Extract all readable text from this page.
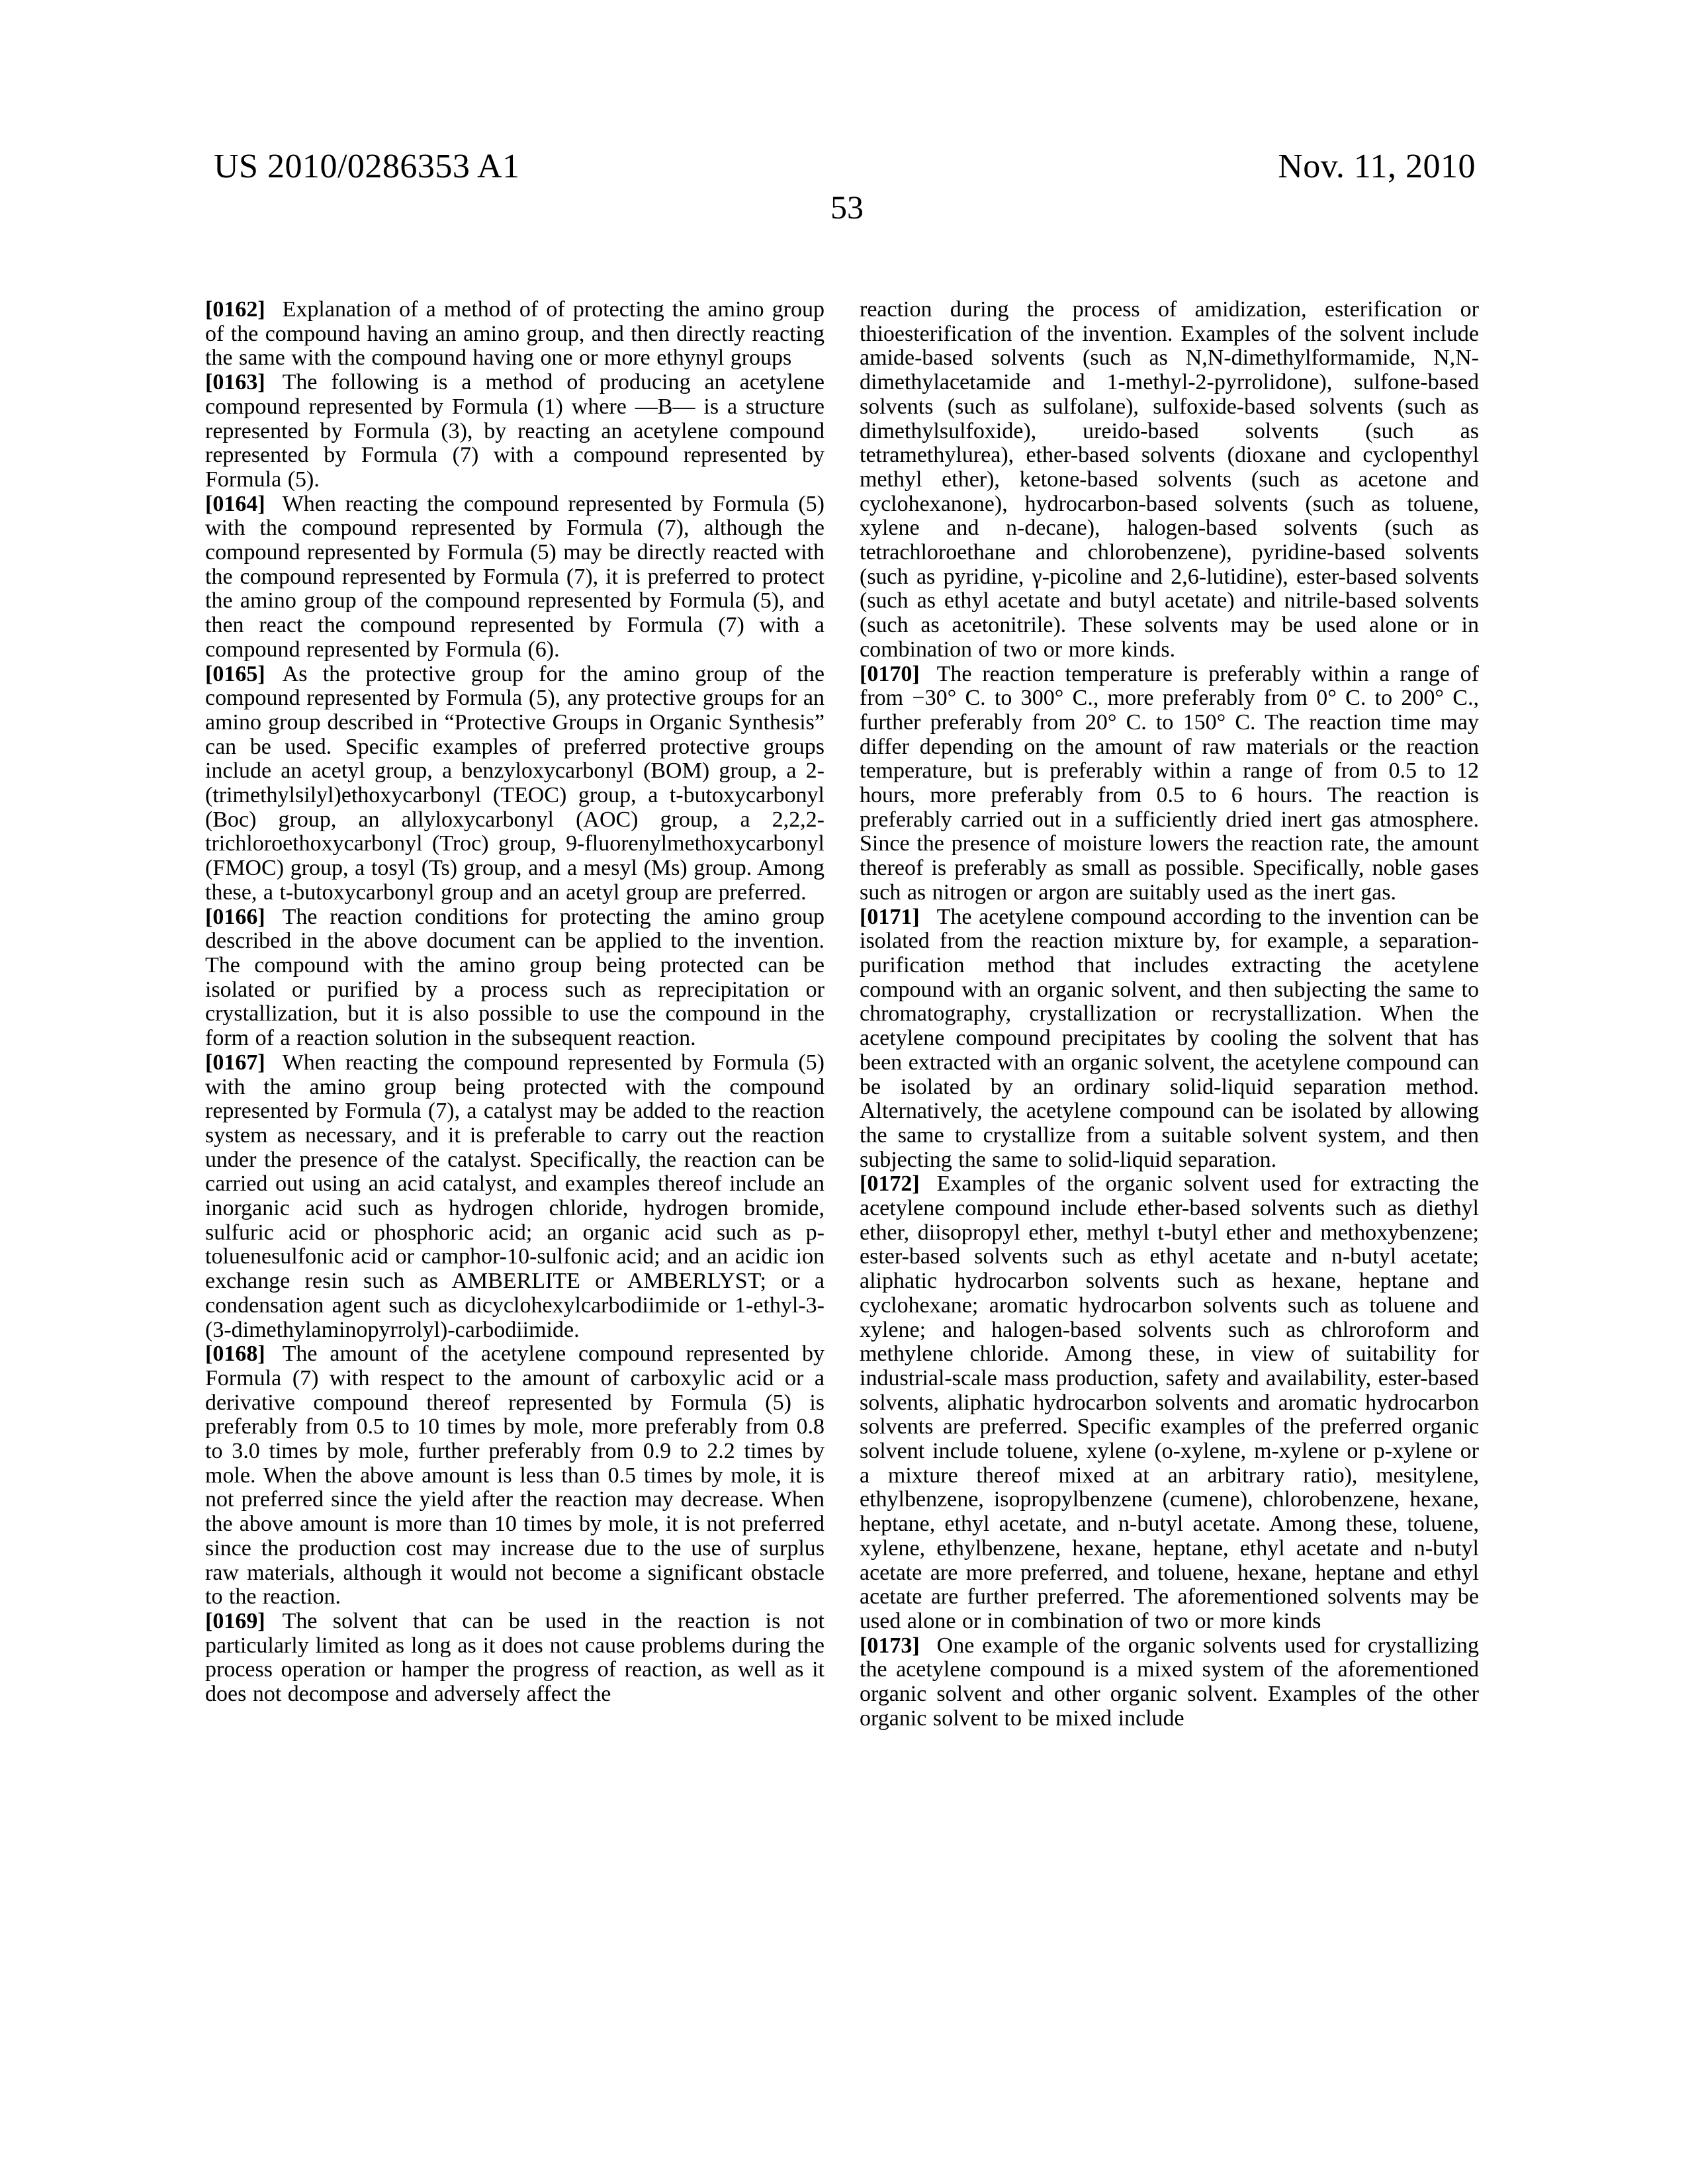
US 2010/0286353 A1	Nov. 11, 2010
53

[0162] Explanation of a method of of protecting the amino group of the compound having an amino group, and then directly reacting the same with the compound having one or more ethynyl groups

[0163] The following is a method of producing an acetylene compound represented by Formula (1) where —B— is a structure represented by Formula (3), by reacting an acetylene compound represented by Formula (7) with a compound represented by Formula (5).

[0164] When reacting the compound represented by Formula (5) with the compound represented by Formula (7), although the compound represented by Formula (5) may be directly reacted with the compound represented by Formula (7), it is preferred to protect the amino group of the compound represented by Formula (5), and then react the compound represented by Formula (7) with a compound represented by Formula (6).

[0165] As the protective group for the amino group of the compound represented by Formula (5), any protective groups for an amino group described in “Protective Groups in Organic Synthesis” can be used. Specific examples of preferred protective groups include an acetyl group, a benzyloxycarbonyl (BOM) group, a 2-(trimethylsilyl)ethoxycarbonyl (TEOC) group, a t-butoxycarbonyl (Boc) group, an allyloxycarbonyl (AOC) group, a 2,2,2-trichloroethoxycarbonyl (Troc) group, 9-fluorenylmethoxycarbonyl (FMOC) group, a tosyl (Ts) group, and a mesyl (Ms) group. Among these, a t-butoxycarbonyl group and an acetyl group are preferred.

[0166] The reaction conditions for protecting the amino group described in the above document can be applied to the invention. The compound with the amino group being protected can be isolated or purified by a process such as reprecipitation or crystallization, but it is also possible to use the compound in the form of a reaction solution in the subsequent reaction.

[0167] When reacting the compound represented by Formula (5) with the amino group being protected with the compound represented by Formula (7), a catalyst may be added to the reaction system as necessary, and it is preferable to carry out the reaction under the presence of the catalyst. Specifically, the reaction can be carried out using an acid catalyst, and examples thereof include an inorganic acid such as hydrogen chloride, hydrogen bromide, sulfuric acid or phosphoric acid; an organic acid such as p-toluenesulfonic acid or camphor-10-sulfonic acid; and an acidic ion exchange resin such as AMBERLITE or AMBERLYST; or a condensation agent such as dicyclohexylcarbodiimide or 1-ethyl-3-(3-dimethylaminopyrrolyl)-carbodiimide.

[0168] The amount of the acetylene compound represented by Formula (7) with respect to the amount of carboxylic acid or a derivative compound thereof represented by Formula (5) is preferably from 0.5 to 10 times by mole, more preferably from 0.8 to 3.0 times by mole, further preferably from 0.9 to 2.2 times by mole. When the above amount is less than 0.5 times by mole, it is not preferred since the yield after the reaction may decrease. When the above amount is more than 10 times by mole, it is not preferred since the production cost may increase due to the use of surplus raw materials, although it would not become a significant obstacle to the reaction.

[0169] The solvent that can be used in the reaction is not particularly limited as long as it does not cause problems during the process operation or hamper the progress of reaction, as well as it does not decompose and adversely affect the

reaction during the process of amidization, esterification or thioesterification of the invention. Examples of the solvent include amide-based solvents (such as N,N-dimethylformamide, N,N-dimethylacetamide and 1-methyl-2-pyrrolidone), sulfone-based solvents (such as sulfolane), sulfoxide-based solvents (such as dimethylsulfoxide), ureido-based solvents (such as tetramethylurea), ether-based solvents (dioxane and cyclopenthyl methyl ether), ketone-based solvents (such as acetone and cyclohexanone), hydrocarbon-based solvents (such as toluene, xylene and n-decane), halogen-based solvents (such as tetrachloroethane and chlorobenzene), pyridine-based solvents (such as pyridine, γ-picoline and 2,6-lutidine), ester-based solvents (such as ethyl acetate and butyl acetate) and nitrile-based solvents (such as acetonitrile). These solvents may be used alone or in combination of two or more kinds.

[0170] The reaction temperature is preferably within a range of from −30° C. to 300° C., more preferably from 0° C. to 200° C., further preferably from 20° C. to 150° C. The reaction time may differ depending on the amount of raw materials or the reaction temperature, but is preferably within a range of from 0.5 to 12 hours, more preferably from 0.5 to 6 hours. The reaction is preferably carried out in a sufficiently dried inert gas atmosphere. Since the presence of moisture lowers the reaction rate, the amount thereof is preferably as small as possible. Specifically, noble gases such as nitrogen or argon are suitably used as the inert gas.

[0171] The acetylene compound according to the invention can be isolated from the reaction mixture by, for example, a separation-purification method that includes extracting the acetylene compound with an organic solvent, and then subjecting the same to chromatography, crystallization or recrystallization. When the acetylene compound precipitates by cooling the solvent that has been extracted with an organic solvent, the acetylene compound can be isolated by an ordinary solid-liquid separation method. Alternatively, the acetylene compound can be isolated by allowing the same to crystallize from a suitable solvent system, and then subjecting the same to solid-liquid separation.

[0172] Examples of the organic solvent used for extracting the acetylene compound include ether-based solvents such as diethyl ether, diisopropyl ether, methyl t-butyl ether and methoxybenzene; ester-based solvents such as ethyl acetate and n-butyl acetate; aliphatic hydrocarbon solvents such as hexane, heptane and cyclohexane; aromatic hydrocarbon solvents such as toluene and xylene; and halogen-based solvents such as chlroroform and methylene chloride. Among these, in view of suitability for industrial-scale mass production, safety and availability, ester-based solvents, aliphatic hydrocarbon solvents and aromatic hydrocarbon solvents are preferred. Specific examples of the preferred organic solvent include toluene, xylene (o-xylene, m-xylene or p-xylene or a mixture thereof mixed at an arbitrary ratio), mesitylene, ethylbenzene, isopropylbenzene (cumene), chlorobenzene, hexane, heptane, ethyl acetate, and n-butyl acetate. Among these, toluene, xylene, ethylbenzene, hexane, heptane, ethyl acetate and n-butyl acetate are more preferred, and toluene, hexane, heptane and ethyl acetate are further preferred. The aforementioned solvents may be used alone or in combination of two or more kinds

[0173] One example of the organic solvents used for crystallizing the acetylene compound is a mixed system of the aforementioned organic solvent and other organic solvent. Examples of the other organic solvent to be mixed include
